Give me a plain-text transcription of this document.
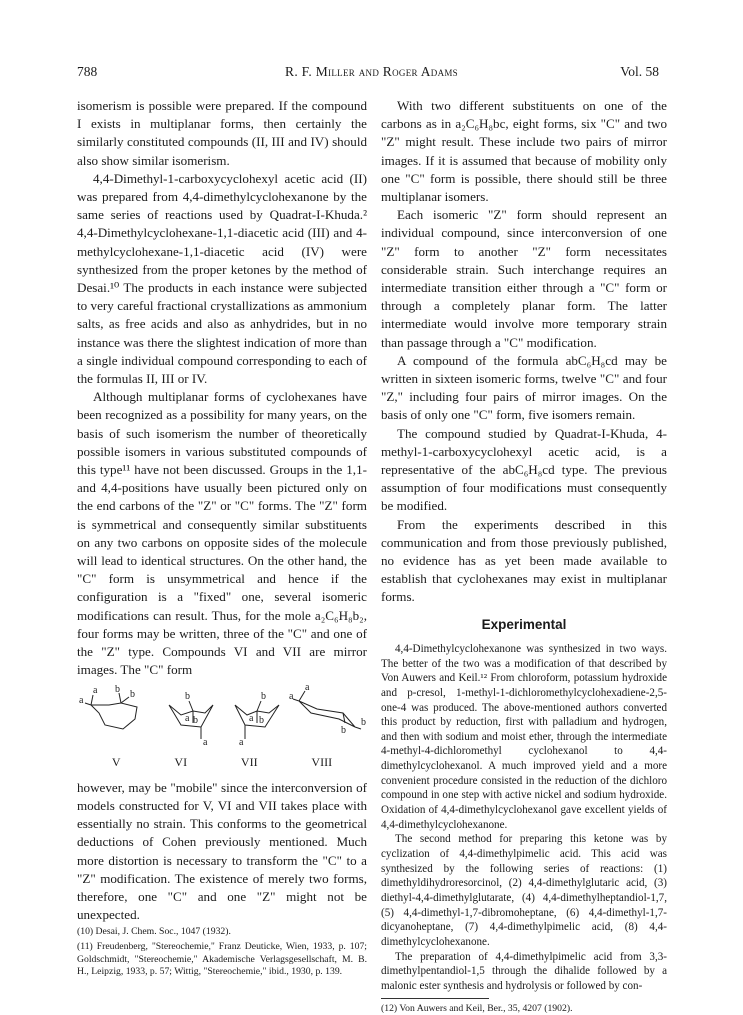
788	R. F. Miller and Roger Adams	Vol. 58

isomerism is possible were prepared. If the compound I exists in multiplanar forms, then certainly the similarly constituted compounds (II, III and IV) should also show similar isomerism.

4,4-Dimethyl-1-carboxycyclohexyl acetic acid (II) was prepared from 4,4-dimethylcyclohexanone by the same series of reactions used by Quadrat-I-Khuda.² 4,4-Dimethylcyclohexane-1,1-diacetic acid (III) and 4-methylcyclohexane-1,1-diacetic acid (IV) were synthesized from the proper ketones by the method of Desai.¹⁰ The products in each instance were subjected to very careful fractional crystallizations as ammonium salts, as free acids and also as anhydrides, but in no instance was there the slightest indication of more than a single individual compound corresponding to each of the formulas II, III or IV.

Although multiplanar forms of cyclohexanes have been recognized as a possibility for many years, on the basis of such isomerism the number of theoretically possible isomers in various substituted compounds of this type¹¹ have not been discussed. Groups in the 1,1- and 4,4-positions have usually been pictured only on the end carbons of the "Z" or "C" forms. The "Z" form is symmetrical and consequently similar substituents on any two carbons on opposite sides of the molecule will lead to identical structures. On the other hand, the "C" form is unsymmetrical and hence if the configuration is a "fixed" one, several isomeric modifications can result. Thus, for the mole a₂C₆H₈b₂, four forms may be written, three of the "C" and one of the "Z" type. Compounds VI and VII are mirror images. The "C" form

a
a b b	b
b
a
a
b
b
a
a
a
a
b
b
V	VI	VII	VIII

however, may be "mobile" since the interconversion of models constructed for V, VI and VII takes place with essentially no strain. This conforms to the geometrical deductions of Cohen previously mentioned. Much more distortion is necessary to transform the "C" to a "Z" modification. The existence of merely two forms, therefore, one "C" and one "Z" might not be unexpected.

(10) Desai, J. Chem. Soc., 1047 (1932).

(11) Freudenberg, "Stereochemie," Franz Deuticke, Wien, 1933, p. 107; Goldschmidt, "Stereochemie," Akademische Verlagsgesellschaft, M. B. H., Leipzig, 1933, p. 57; Wittig, "Stereochemie," ibid., 1930, p. 139.

With two different substituents on one of the carbons as in a₂C₆H₈bc, eight forms, six "C" and two "Z" might result. These include two pairs of mirror images. If it is assumed that because of mobility only one "C" form is possible, there should still be three multiplanar isomers.

Each isomeric "Z" form should represent an individual compound, since interconversion of one "Z" form to another "Z" form necessitates considerable strain. Such interchange requires an intermediate transition either through a "C" form or through a completely planar form. The latter intermediate would involve more temporary strain than passage through a "C" modification.

A compound of the formula abC₆H₈cd may be written in sixteen isomeric forms, twelve "C" and four "Z," including four pairs of mirror images. On the basis of only one "C" form, five isomers remain.

The compound studied by Quadrat-I-Khuda, 4-methyl-1-carboxycyclohexyl acetic acid, is a representative of the abC₆H₈cd type. The previous assumption of four modifications must consequently be modified.

From the experiments described in this communication and from those previously published, no evidence has as yet been made available to establish that cyclohexanes may exist in multiplanar forms.

Experimental

4,4-Dimethylcyclohexanone was synthesized in two ways. The better of the two was a modification of that described by Von Auwers and Keil.¹² From chloroform, potassium hydroxide and p-cresol, 1-methyl-1-dichloromethylcyclohexadiene-2,5-one-4 was produced. The above-mentioned authors converted this product by reduction, first with palladium and hydrogen, and then with sodium and moist ether, through the intermediate 4-methyl-4-dichloromethyl cyclohexanol to 4,4-dimethylcyclohexanol. A much improved yield and a more convenient procedure consisted in the reduction of the dichloro compound in one step with active nickel and sodium hydroxide. Oxidation of 4,4-dimethylcyclohexanol gave excellent yields of 4,4-dimethylcyclohexanone.

The second method for preparing this ketone was by cyclization of 4,4-dimethylpimelic acid. This acid was synthesized by the following series of reactions: (1) dimethyldihydroresorcinol, (2) 4,4-dimethylglutaric acid, (3) diethyl-4,4-dimethylglutarate, (4) 4,4-dimethylheptandiol-1,7, (5) 4,4-dimethyl-1,7-dibromoheptane, (6) 4,4-dimethyl-1,7-dicyanoheptane, (7) 4,4-dimethylpimelic acid, (8) 4,4-dimethylcyclohexanone.

The preparation of 4,4-dimethylpimelic acid from 3,3-dimethylpentandiol-1,5 through the dihalide followed by a malonic ester synthesis and hydrolysis or followed by con-

(12) Von Auwers and Keil, Ber., 35, 4207 (1902).
